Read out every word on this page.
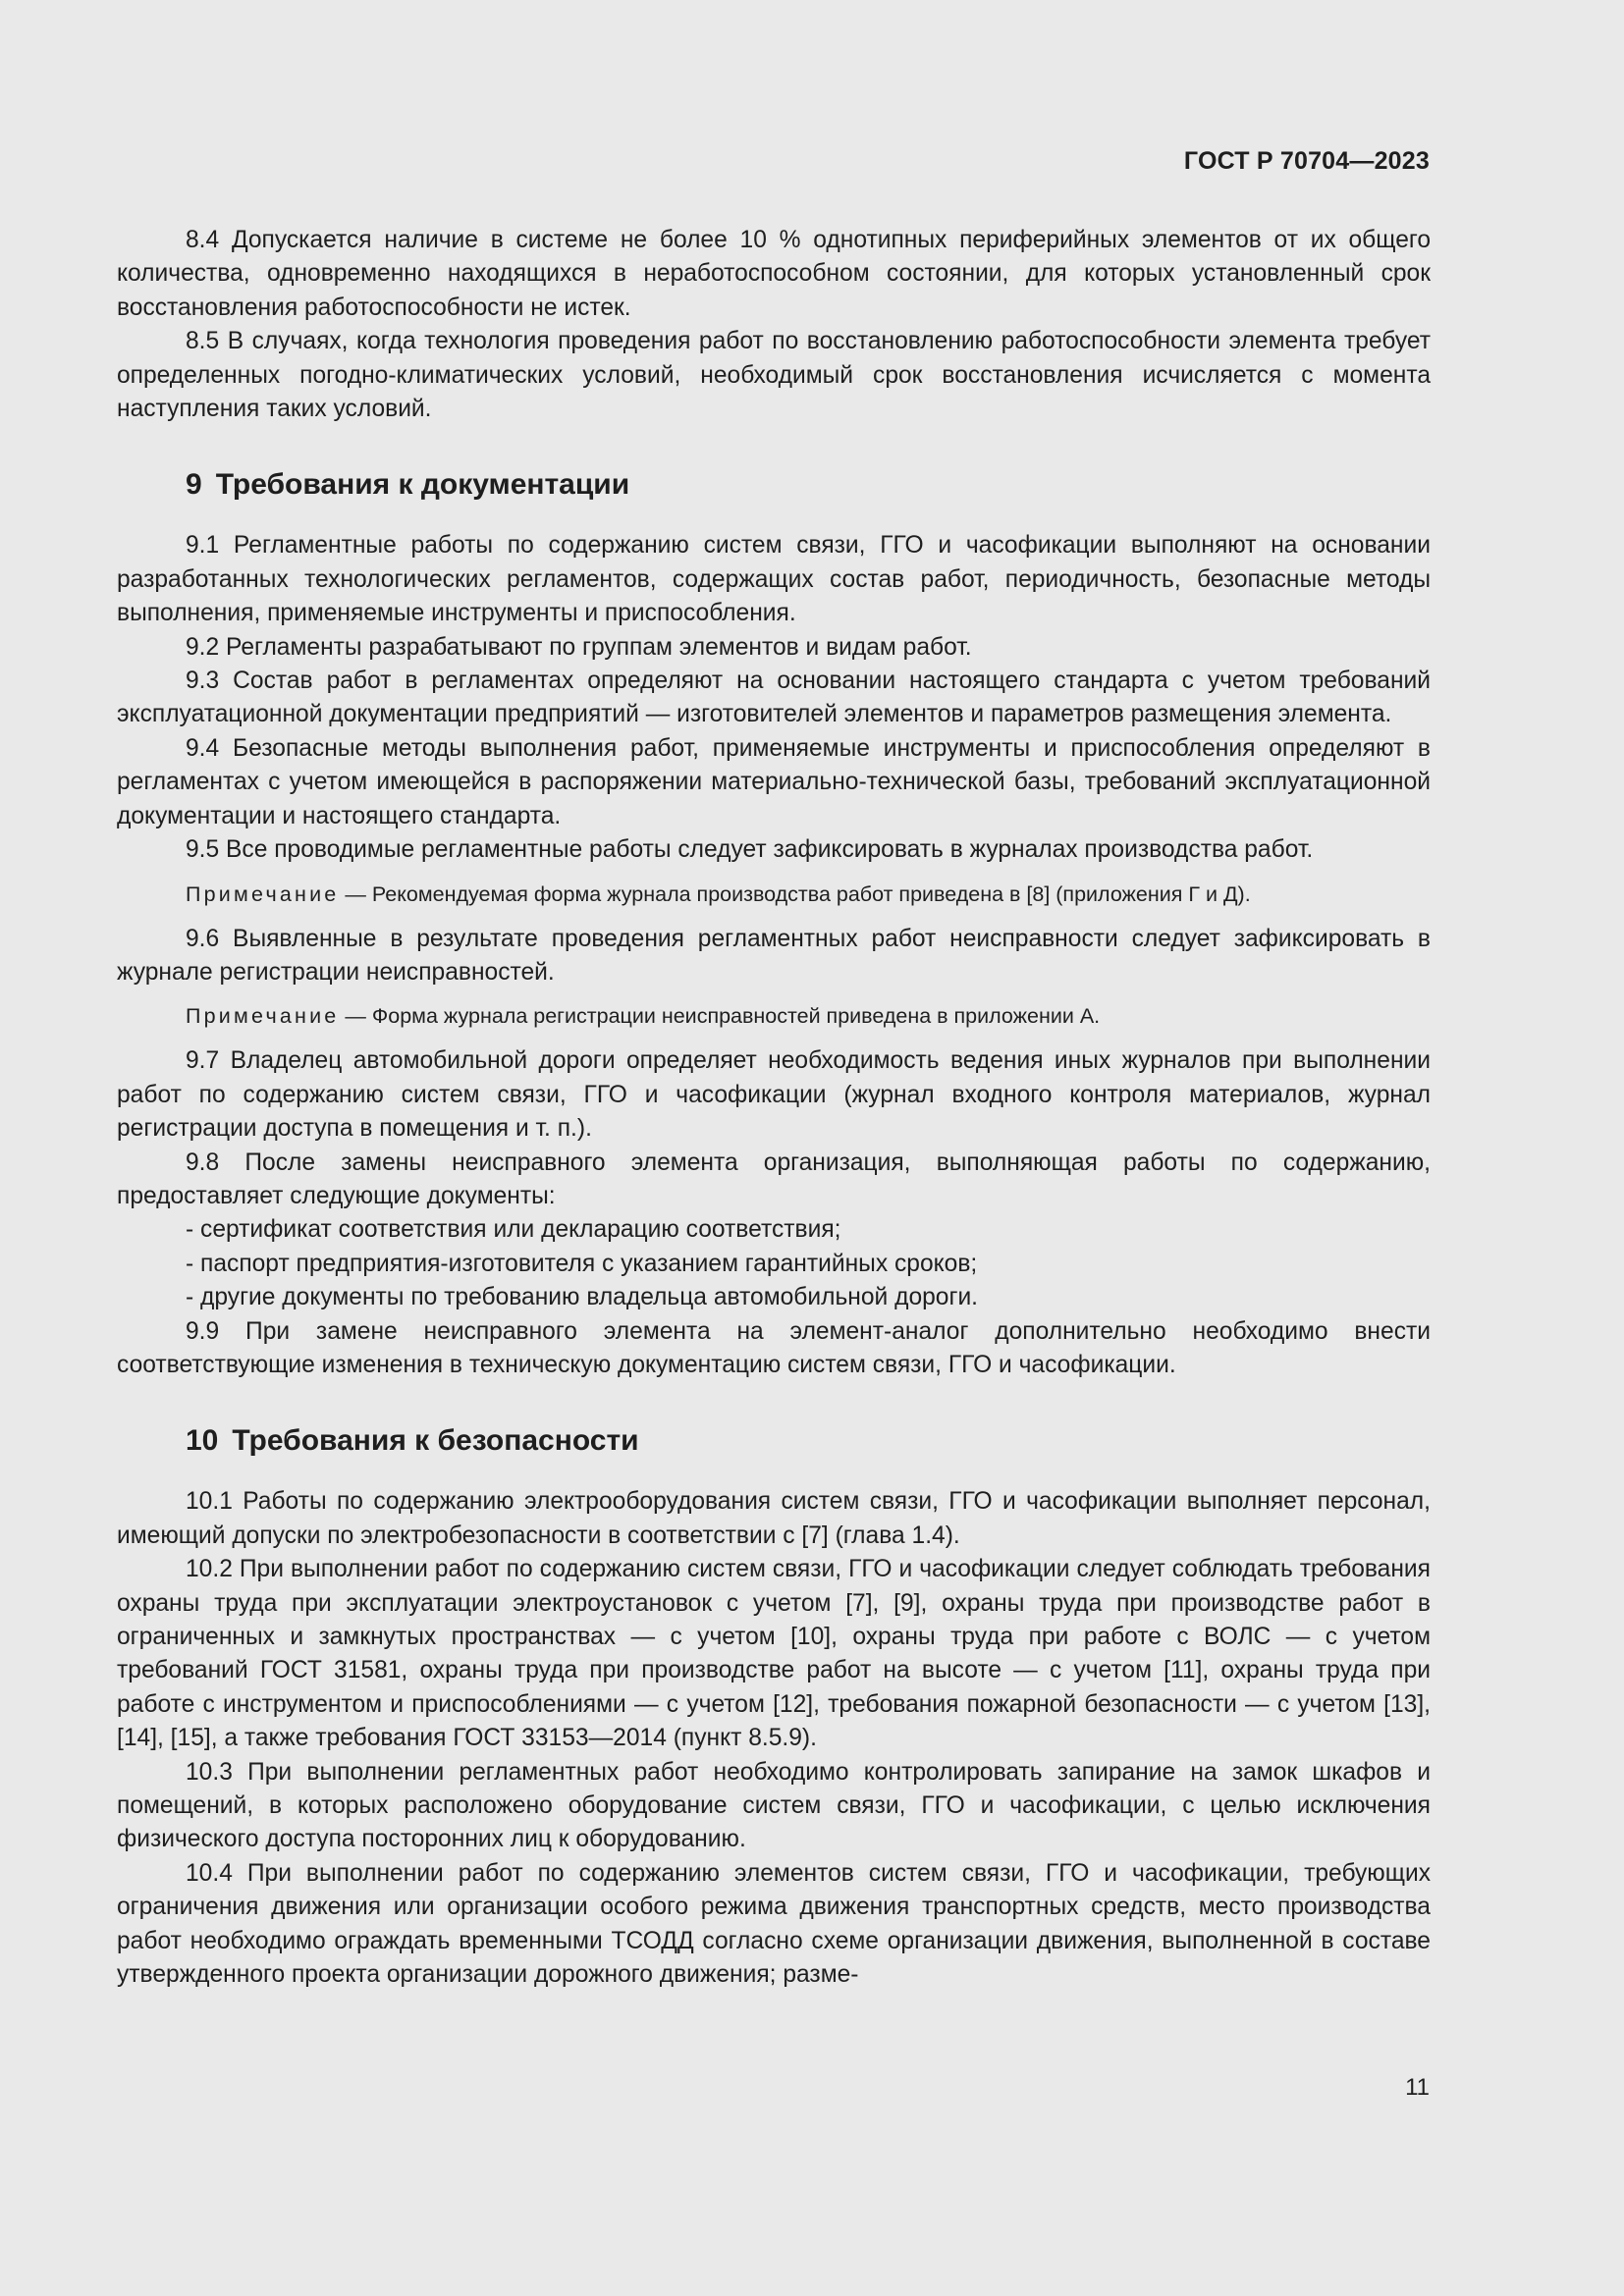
ГОСТ Р 70704—2023

8.4 Допускается наличие в системе не более 10 % однотипных периферийных элементов от их общего количества, одновременно находящихся в неработоспособном состоянии, для которых установленный срок восстановления работоспособности не истек.

8.5 В случаях, когда технология проведения работ по восстановлению работоспособности элемента требует определенных погодно-климатических условий, необходимый срок восстановления исчисляется с момента наступления таких условий.

9 Требования к документации

9.1 Регламентные работы по содержанию систем связи, ГГО и часофикации выполняют на основании разработанных технологических регламентов, содержащих состав работ, периодичность, безопасные методы выполнения, применяемые инструменты и приспособления.

9.2 Регламенты разрабатывают по группам элементов и видам работ.

9.3 Состав работ в регламентах определяют на основании настоящего стандарта с учетом требований эксплуатационной документации предприятий — изготовителей элементов и параметров размещения элемента.

9.4 Безопасные методы выполнения работ, применяемые инструменты и приспособления определяют в регламентах с учетом имеющейся в распоряжении материально-технической базы, требований эксплуатационной документации и настоящего стандарта.

9.5 Все проводимые регламентные работы следует зафиксировать в журналах производства работ.

Примечание — Рекомендуемая форма журнала производства работ приведена в [8] (приложения Г и Д).

9.6 Выявленные в результате проведения регламентных работ неисправности следует зафиксировать в журнале регистрации неисправностей.

Примечание — Форма журнала регистрации неисправностей приведена в приложении А.

9.7 Владелец автомобильной дороги определяет необходимость ведения иных журналов при выполнении работ по содержанию систем связи, ГГО и часофикации (журнал входного контроля материалов, журнал регистрации доступа в помещения и т. п.).

9.8 После замены неисправного элемента организация, выполняющая работы по содержанию, предоставляет следующие документы:

- сертификат соответствия или декларацию соответствия;
- паспорт предприятия-изготовителя с указанием гарантийных сроков;
- другие документы по требованию владельца автомобильной дороги.

9.9 При замене неисправного элемента на элемент-аналог дополнительно необходимо внести соответствующие изменения в техническую документацию систем связи, ГГО и часофикации.

10 Требования к безопасности

10.1 Работы по содержанию электрооборудования систем связи, ГГО и часофикации выполняет персонал, имеющий допуски по электробезопасности в соответствии с [7] (глава 1.4).

10.2 При выполнении работ по содержанию систем связи, ГГО и часофикации следует соблюдать требования охраны труда при эксплуатации электроустановок с учетом [7], [9], охраны труда при производстве работ в ограниченных и замкнутых пространствах — с учетом [10], охраны труда при работе с ВОЛС — с учетом требований ГОСТ 31581, охраны труда при производстве работ на высоте — с учетом [11], охраны труда при работе с инструментом и приспособлениями — с учетом [12], требования пожарной безопасности — с учетом [13], [14], [15], а также требования ГОСТ 33153—2014 (пункт 8.5.9).

10.3 При выполнении регламентных работ необходимо контролировать запирание на замок шкафов и помещений, в которых расположено оборудование систем связи, ГГО и часофикации, с целью исключения физического доступа посторонних лиц к оборудованию.

10.4 При выполнении работ по содержанию элементов систем связи, ГГО и часофикации, требующих ограничения движения или организации особого режима движения транспортных средств, место производства работ необходимо ограждать временными ТСОДД согласно схеме организации движения, выполненной в составе утвержденного проекта организации дорожного движения; разме-

11
